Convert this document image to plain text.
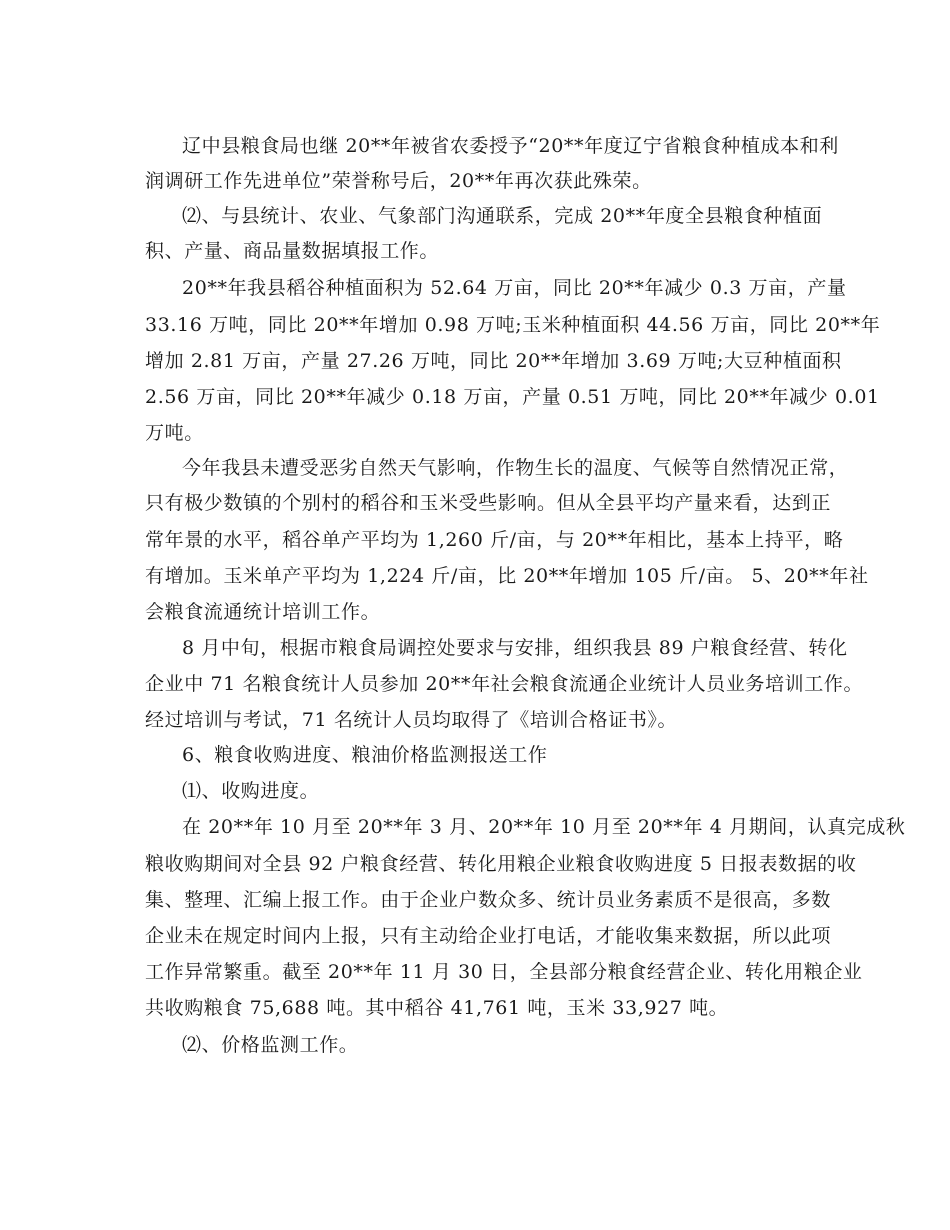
辽中县粮食局也继 20**年被省农委授予“20**年度辽宁省粮食种植成本和利
润调研工作先进单位”荣誉称号后，20**年再次获此殊荣。
⑵、与县统计、农业、气象部门沟通联系，完成 20**年度全县粮食种植面
积、产量、商品量数据填报工作。
20**年我县稻谷种植面积为 52.64 万亩，同比 20**年减少 0.3 万亩，产量
33.16 万吨，同比 20**年增加 0.98 万吨;玉米种植面积 44.56 万亩，同比 20**年
增加 2.81 万亩，产量 27.26 万吨，同比 20**年增加 3.69 万吨;大豆种植面积
2.56 万亩，同比 20**年减少 0.18 万亩，产量 0.51 万吨，同比 20**年减少 0.01
万吨。
今年我县未遭受恶劣自然天气影响，作物生长的温度、气候等自然情况正常，
只有极少数镇的个别村的稻谷和玉米受些影响。但从全县平均产量来看，达到正
常年景的水平，稻谷单产平均为 1,260 斤/亩，与 20**年相比，基本上持平，略
有增加。玉米单产平均为 1,224 斤/亩，比 20**年增加 105 斤/亩。 5、20**年社
会粮食流通统计培训工作。
8 月中旬，根据市粮食局调控处要求与安排，组织我县 89 户粮食经营、转化
企业中 71 名粮食统计人员参加 20**年社会粮食流通企业统计人员业务培训工作。
经过培训与考试，71 名统计人员均取得了《培训合格证书》。
6、粮食收购进度、粮油价格监测报送工作
⑴、收购进度。
在 20**年 10 月至 20**年 3 月、20**年 10 月至 20**年 4 月期间，认真完成秋
粮收购期间对全县 92 户粮食经营、转化用粮企业粮食收购进度 5 日报表数据的收
集、整理、汇编上报工作。由于企业户数众多、统计员业务素质不是很高，多数
企业未在规定时间内上报，只有主动给企业打电话，才能收集来数据，所以此项
工作异常繁重。截至 20**年 11 月 30 日，全县部分粮食经营企业、转化用粮企业
共收购粮食 75,688 吨。其中稻谷 41,761 吨，玉米 33,927 吨。
⑵、价格监测工作。
